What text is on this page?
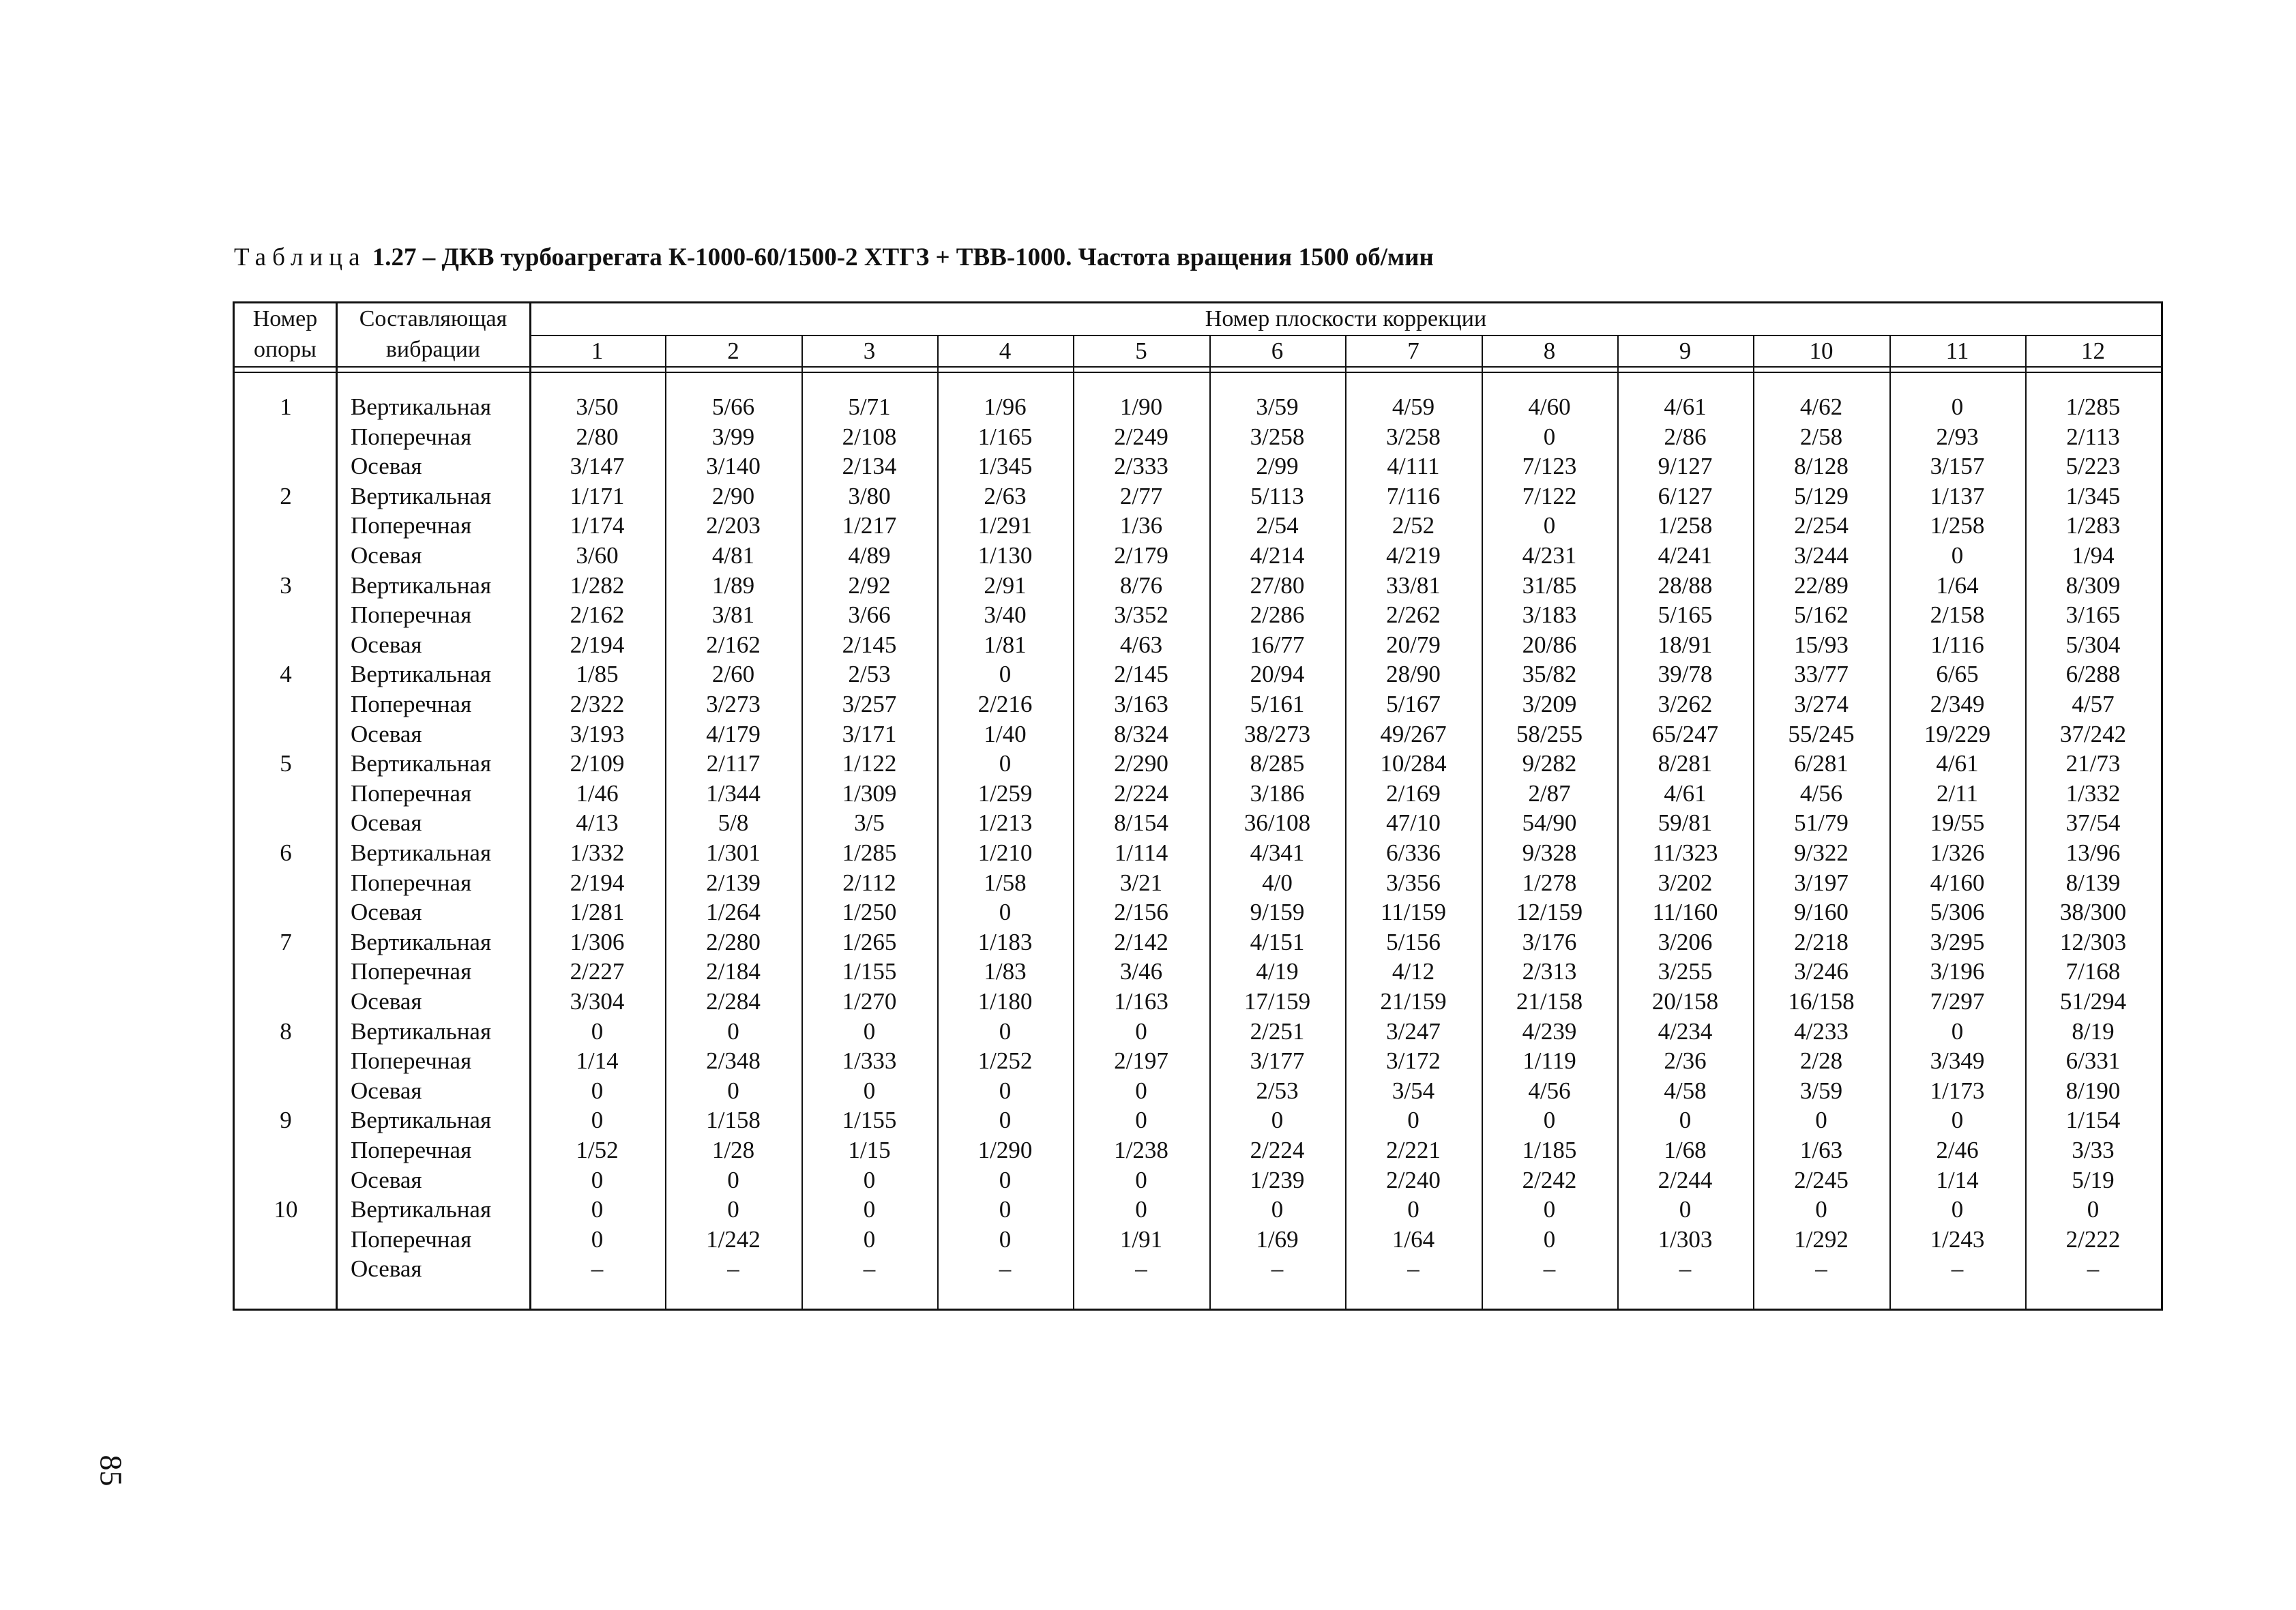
Таблица 1.27 – ДКВ турбоагрегата К-1000-60/1500-2 ХТГЗ + ТВВ-1000. Частота вращения 1500 об/мин
Номер
опоры
Составляющая
вибрации
Номер плоскости коррекции
1	2	3	4	5	6	7	8	9	10	11	12
1	Вертикальная	3/50	5/66	5/71	1/96	1/90	3/59	4/59	4/60	4/61	4/62	0	1/285
Поперечная	2/80	3/99	2/108	1/165	2/249	3/258	3/258	0	2/86	2/58	2/93	2/113
Осевая	3/147	3/140	2/134	1/345	2/333	2/99	4/111	7/123	9/127	8/128	3/157	5/223
2	Вертикальная	1/171	2/90	3/80	2/63	2/77	5/113	7/116	7/122	6/127	5/129	1/137	1/345
Поперечная	1/174	2/203	1/217	1/291	1/36	2/54	2/52	0	1/258	2/254	1/258	1/283
Осевая	3/60	4/81	4/89	1/130	2/179	4/214	4/219	4/231	4/241	3/244	0	1/94
3	Вертикальная	1/282	1/89	2/92	2/91	8/76	27/80	33/81	31/85	28/88	22/89	1/64	8/309
Поперечная	2/162	3/81	3/66	3/40	3/352	2/286	2/262	3/183	5/165	5/162	2/158	3/165
Осевая	2/194	2/162	2/145	1/81	4/63	16/77	20/79	20/86	18/91	15/93	1/116	5/304
4	Вертикальная	1/85	2/60	2/53	0	2/145	20/94	28/90	35/82	39/78	33/77	6/65	6/288
Поперечная	2/322	3/273	3/257	2/216	3/163	5/161	5/167	3/209	3/262	3/274	2/349	4/57
Осевая	3/193	4/179	3/171	1/40	8/324	38/273	49/267	58/255	65/247	55/245	19/229	37/242
5	Вертикальная	2/109	2/117	1/122	0	2/290	8/285	10/284	9/282	8/281	6/281	4/61	21/73
Поперечная	1/46	1/344	1/309	1/259	2/224	3/186	2/169	2/87	4/61	4/56	2/11	1/332
Осевая	4/13	5/8	3/5	1/213	8/154	36/108	47/10	54/90	59/81	51/79	19/55	37/54
6	Вертикальная	1/332	1/301	1/285	1/210	1/114	4/341	6/336	9/328	11/323	9/322	1/326	13/96
Поперечная	2/194	2/139	2/112	1/58	3/21	4/0	3/356	1/278	3/202	3/197	4/160	8/139
Осевая	1/281	1/264	1/250	0	2/156	9/159	11/159	12/159	11/160	9/160	5/306	38/300
7	Вертикальная	1/306	2/280	1/265	1/183	2/142	4/151	5/156	3/176	3/206	2/218	3/295	12/303
Поперечная	2/227	2/184	1/155	1/83	3/46	4/19	4/12	2/313	3/255	3/246	3/196	7/168
Осевая	3/304	2/284	1/270	1/180	1/163	17/159	21/159	21/158	20/158	16/158	7/297	51/294
8	Вертикальная	0	0	0	0	0	2/251	3/247	4/239	4/234	4/233	0	8/19
Поперечная	1/14	2/348	1/333	1/252	2/197	3/177	3/172	1/119	2/36	2/28	3/349	6/331
Осевая	0	0	0	0	0	2/53	3/54	4/56	4/58	3/59	1/173	8/190
9	Вертикальная	0	1/158	1/155	0	0	0	0	0	0	0	0	1/154
Поперечная	1/52	1/28	1/15	1/290	1/238	2/224	2/221	1/185	1/68	1/63	2/46	3/33
Осевая	0	0	0	0	0	1/239	2/240	2/242	2/244	2/245	1/14	5/19
10	Вертикальная	0	0	0	0	0	0	0	0	0	0	0	0
Поперечная	0	1/242	0	0	1/91	1/69	1/64	0	1/303	1/292	1/243	2/222
Осевая	–	–	–	–	–	–	–	–	–	–	–	–
85
